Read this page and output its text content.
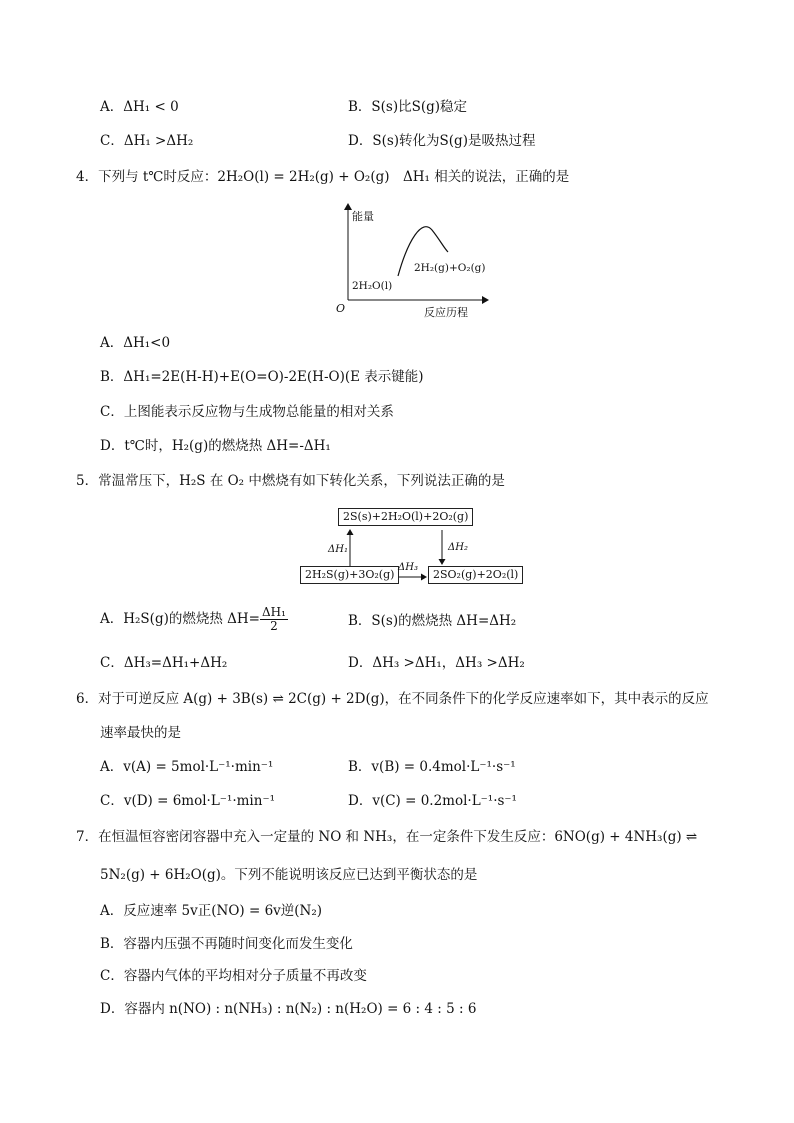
A．ΔH₁ < 0	B．S(s)比S(g)稳定
C．ΔH₁ >ΔH₂	D．S(s)转化为S(g)是吸热过程
4．下列与 t℃时反应：2H₂O(l) = 2H₂(g) + O₂(g)　ΔH₁ 相关的说法，正确的是
能量
2H₂O(l)
2H₂(g)+O₂(g)
O	反应历程
A．ΔH₁<0
B．ΔH₁=2E(H-H)+E(O=O)-2E(H-O)(E 表示键能)
C．上图能表示反应物与生成物总能量的相对关系
D．t℃时，H₂(g)的燃烧热 ΔH=-ΔH₁
5．常温常压下，H₂S 在 O₂ 中燃烧有如下转化关系，下列说法正确的是
2S(s)+2H₂O(l)+2O₂(g)
2H₂S(g)+3O₂(g)	2SO₂(g)+2O₂(l)
ΔH₁	ΔH₂
ΔH₃
A．H₂S(g)的燃烧热 $\Delta H= \frac{\text{ΔH₁}}{2}$	B．S(s)的燃烧热 ΔH=ΔH₂
C．ΔH₃=ΔH₁+ΔH₂	D．ΔH₃ >ΔH₁，ΔH₃ >ΔH₂
6．对于可逆反应 A(g) + 3B(s) ⇌ 2C(g) + 2D(g)，在不同条件下的化学反应速率如下，其中表示的反应
速率最快的是
A．v(A) = 5mol·L⁻¹·min⁻¹	B．v(B) = 0.4mol·L⁻¹·s⁻¹
C．v(D) = 6mol·L⁻¹·min⁻¹	D．v(C) = 0.2mol·L⁻¹·s⁻¹
7．在恒温恒容密闭容器中充入一定量的 NO 和 NH₃，在一定条件下发生反应：6NO(g) + 4NH₃(g) ⇌
5N₂(g) + 6H₂O(g)。下列不能说明该反应已达到平衡状态的是
A．反应速率 5v正(NO) = 6v逆(N₂)
B．容器内压强不再随时间变化而发生变化
C．容器内气体的平均相对分子质量不再改变
D．容器内 n(NO) : n(NH₃) : n(N₂) : n(H₂O) = 6 : 4 : 5 : 6
